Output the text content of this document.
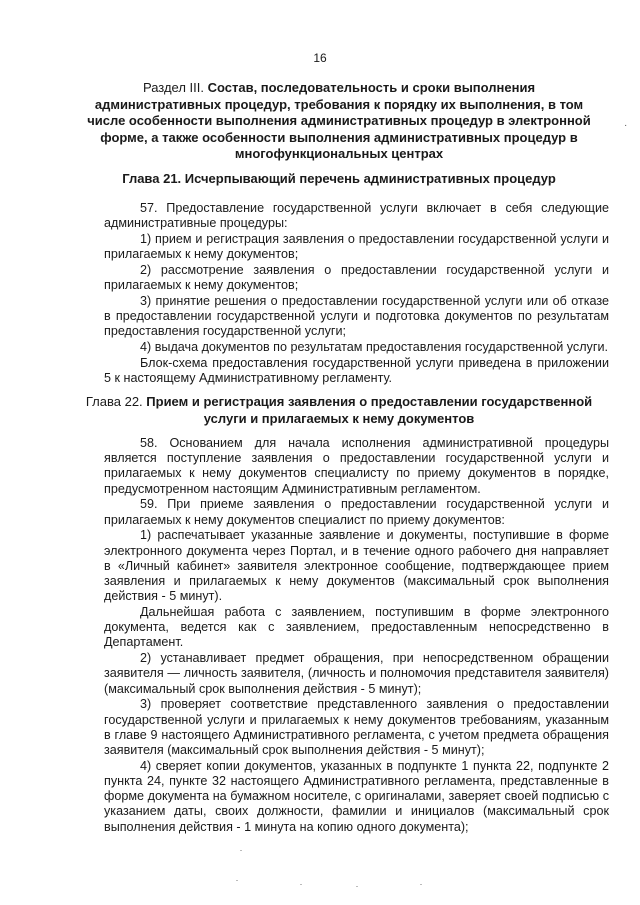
16
Раздел III. Состав, последовательность и сроки выполнения административных процедур, требования к порядку их выполнения, в том числе особенности выполнения административных процедур в электронной форме, а также особенности выполнения административных процедур в многофункциональных центрах
Глава 21. Исчерпывающий перечень административных процедур

57. Предоставление государственной услуги включает в себя следующие административные процедуры:

1) прием и регистрация заявления о предоставлении государственной услуги и прилагаемых к нему документов;

2) рассмотрение заявления о предоставлении государственной услуги и прилагаемых к нему документов;

3) принятие решения о предоставлении государственной услуги или об отказе в предоставлении государственной услуги и подготовка документов по результатам предоставления государственной услуги;

4) выдача документов по результатам предоставления государственной услуги.

Блок-схема предоставления государственной услуги приведена в приложении 5 к настоящему Административному регламенту.

Глава 22. Прием и регистрация заявления о предоставлении государственной услуги и прилагаемых к нему документов

58. Основанием для начала исполнения административной процедуры является поступление заявления о предоставлении государственной услуги и прилагаемых к нему документов специалисту по приему документов в порядке, предусмотренном настоящим Административным регламентом.

59. При приеме заявления о предоставлении государственной услуги и прилагаемых к нему документов специалист по приему документов:

1) распечатывает указанные заявление и документы, поступившие в форме электронного документа через Портал, и в течение одного рабочего дня направляет в «Личный кабинет» заявителя электронное сообщение, подтверждающее прием заявления и прилагаемых к нему документов (максимальный срок выполнения действия - 5 минут).

Дальнейшая работа с заявлением, поступившим в форме электронного документа, ведется как с заявлением, предоставленным непосредственно в Департамент.

2) устанавливает предмет обращения, при непосредственном обращении заявителя — личность заявителя, (личность и полномочия представителя заявителя) (максимальный срок выполнения действия - 5 минут);

3) проверяет соответствие представленного заявления о предоставлении государственной услуги и прилагаемых к нему документов требованиям, указанным в главе 9 настоящего Административного регламента, с учетом предмета обращения заявителя (максимальный срок выполнения действия - 5 минут);

4) сверяет копии документов, указанных в подпункте 1 пункта 22, подпункте 2 пункта 24, пункте 32 настоящего Административного регламента, представленные в форме документа на бумажном носителе, с оригиналами, заверяет своей подписью с указанием даты, своих должности, фамилии и инициалов (максимальный срок выполнения действия - 1 минута на копию одного документа);

·
